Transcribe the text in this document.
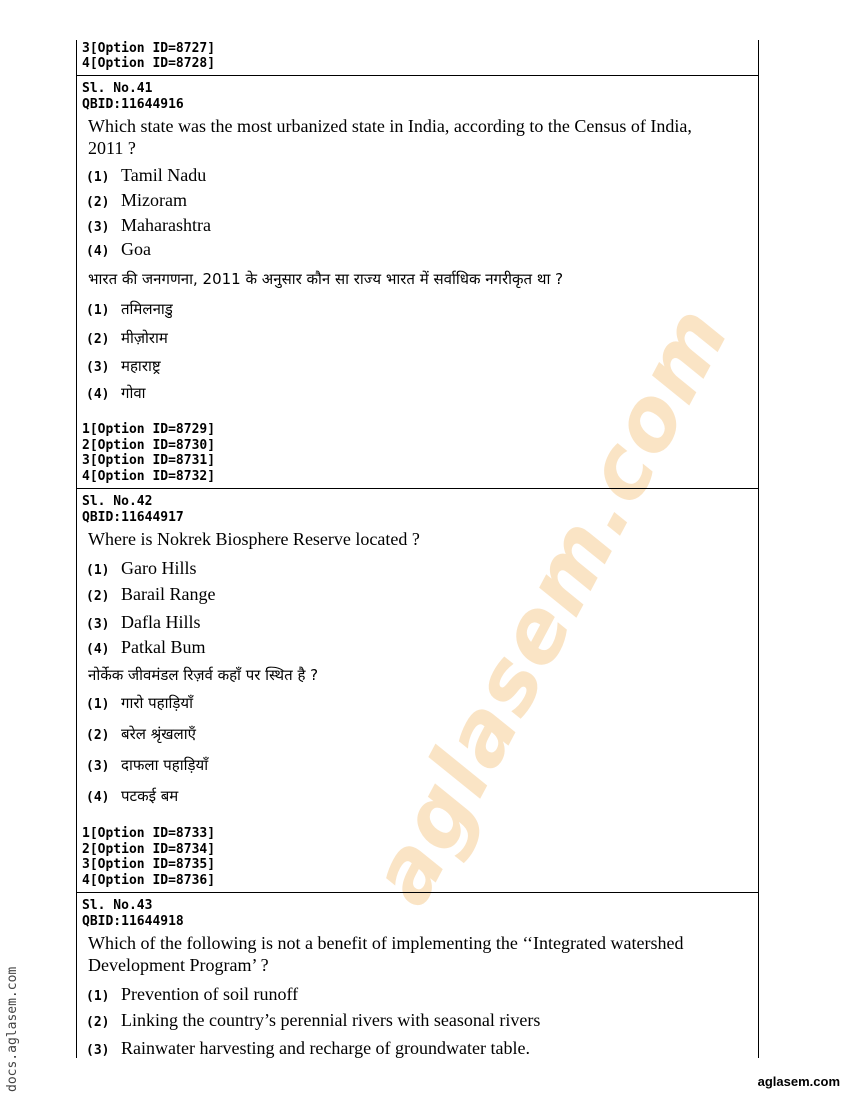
aglasem.com
3[Option ID=8727]
4[Option ID=8728]
Sl. No.41
QBID:11644916
Which state was the most urbanized state in India, according to the Census of India, 2011 ?
(1) Tamil Nadu
(2) Mizoram
(3) Maharashtra
(4) Goa
भारत की जनगणना, 2011 के अनुसार कौन सा राज्य भारत में सर्वाधिक नगरीकृत था ?
(1) तमिलनाडु
(2) मीज़ोराम
(3) महाराष्ट्र
(4) गोवा
1[Option ID=8729]
2[Option ID=8730]
3[Option ID=8731]
4[Option ID=8732]
Sl. No.42
QBID:11644917
Where is Nokrek Biosphere Reserve located ?
(1) Garo Hills
(2) Barail Range
(3) Dafla Hills
(4) Patkal Bum
नोर्केक जीवमंडल रिज़र्व कहाँ पर स्थित है ?
(1) गारो पहाड़ियाँ
(2) बरेल श्रृंखलाएँ
(3) दाफला पहाड़ियाँ
(4) पटकई बम
1[Option ID=8733]
2[Option ID=8734]
3[Option ID=8735]
4[Option ID=8736]
Sl. No.43
QBID:11644918
Which of the following is not a benefit of implementing the ‘‘Integrated watershed Development Program’ ?
(1) Prevention of soil runoff
(2) Linking the country’s perennial rivers with seasonal rivers
(3) Rainwater harvesting and recharge of groundwater table.
docs.aglasem.com	aglasem.com
